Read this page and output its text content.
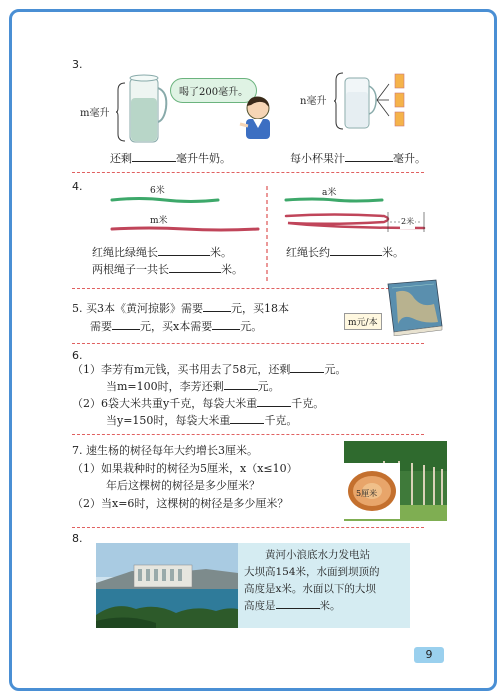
3.
m毫升
喝了200毫升。
还剩	毫升牛奶。
n毫升
每小杯果汁	毫升。
4.	6米
m米
红绳比绿绳长	米。
两根绳子一共长	米。
a米
2米
红绳长约	米。
5. 买3本《黄河掠影》需要	元，买18本
需要	元，买x本需要	元。	m元/本
6.
（1）李芳有m元钱，买书用去了58元，还剩	元。
当m=100时，李芳还剩	元。
（2）6袋大米共重y千克，每袋大米重	千克。
当y=150时，每袋大米重	千克。
7. 速生杨的树径每年大约增长3厘米。
（1）如果栽种时的树径为5厘米，x（x≤10）
年后这棵树的树径是多少厘米？
（2）当x=6时，这棵树的树径是多少厘米？
5厘米
8.
黄河小浪底水力发电站
大坝高154米，水面到坝顶的
高度是x米。水面以下的大坝
高度是	米。
9
